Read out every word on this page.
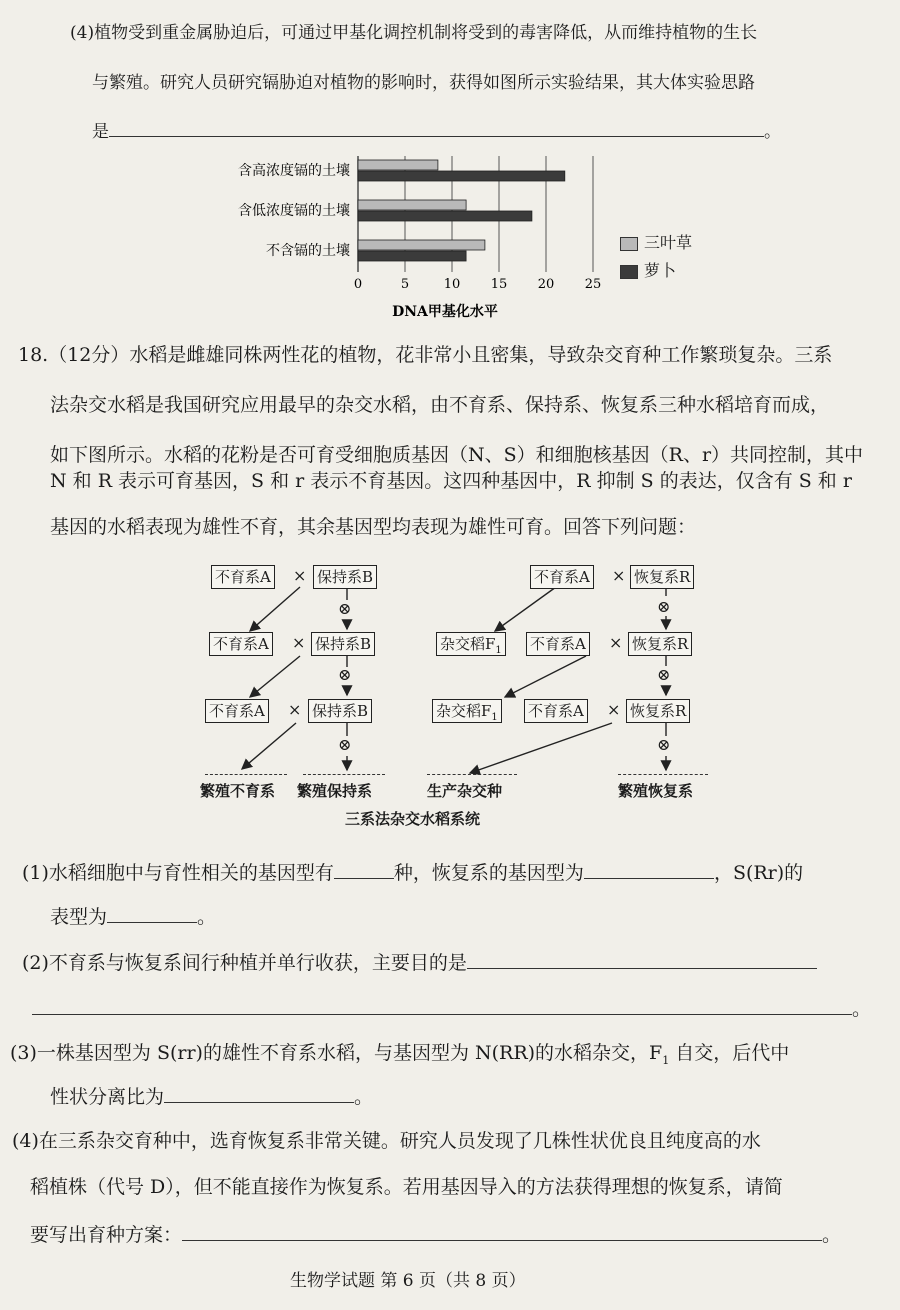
(4)植物受到重金属胁迫后，可通过甲基化调控机制将受到的毒害降低，从而维持植物的生长
与繁殖。研究人员研究镉胁迫对植物的影响时，获得如图所示实验结果，其大体实验思路
是	。
含高浓度镉的土壤
含低浓度镉的土壤
不含镉的土壤
0	5	10 15 20 25
DNA甲基化水平
三叶草
萝卜
18.（12分）水稻是雌雄同株两性花的植物，花非常小且密集，导致杂交育种工作繁琐复杂。三系
法杂交水稻是我国研究应用最早的杂交水稻，由不育系、保持系、恢复系三种水稻培育而成，
如下图所示。水稻的花粉是否可育受细胞质基因（N、S）和细胞核基因（R、r）共同控制，其中
N 和 R 表示可育基因，S 和 r 表示不育基因。这四种基因中，R 抑制 S 的表达，仅含有 S 和 r
基因的水稻表现为雄性不育，其余基因型均表现为雄性可育。回答下列问题：
不育系A × 保持系B
⊗
不育系A × 保持系B
⊗
不育系A × 保持系B
⊗
不育系A × 恢复系R
⊗
杂交稻$F_1$ 不育系A × 恢复系R
⊗
杂交稻$F_1$ 不育系A × 恢复系R
⊗
繁殖不育系 繁殖保持系	生产杂交种	繁殖恢复系
三系法杂交水稻系统
(1)水稻细胞中与育性相关的基因型有	种，恢复系的基因型为	，S(Rr)的
表型为	。
(2)不育系与恢复系间行种植并单行收获，主要目的是
。
(3)一株基因型为 S(rr)的雄性不育系水稻，与基因型为 N(RR)的水稻杂交，$F_1$ 自交，后代中
性状分离比为	。
(4)在三系杂交育种中，选育恢复系非常关键。研究人员发现了几株性状优良且纯度高的水
稻植株（代号 D），但不能直接作为恢复系。若用基因导入的方法获得理想的恢复系，请简
要写出育种方案：	。
生物学试题 第 6 页（共 8 页）
